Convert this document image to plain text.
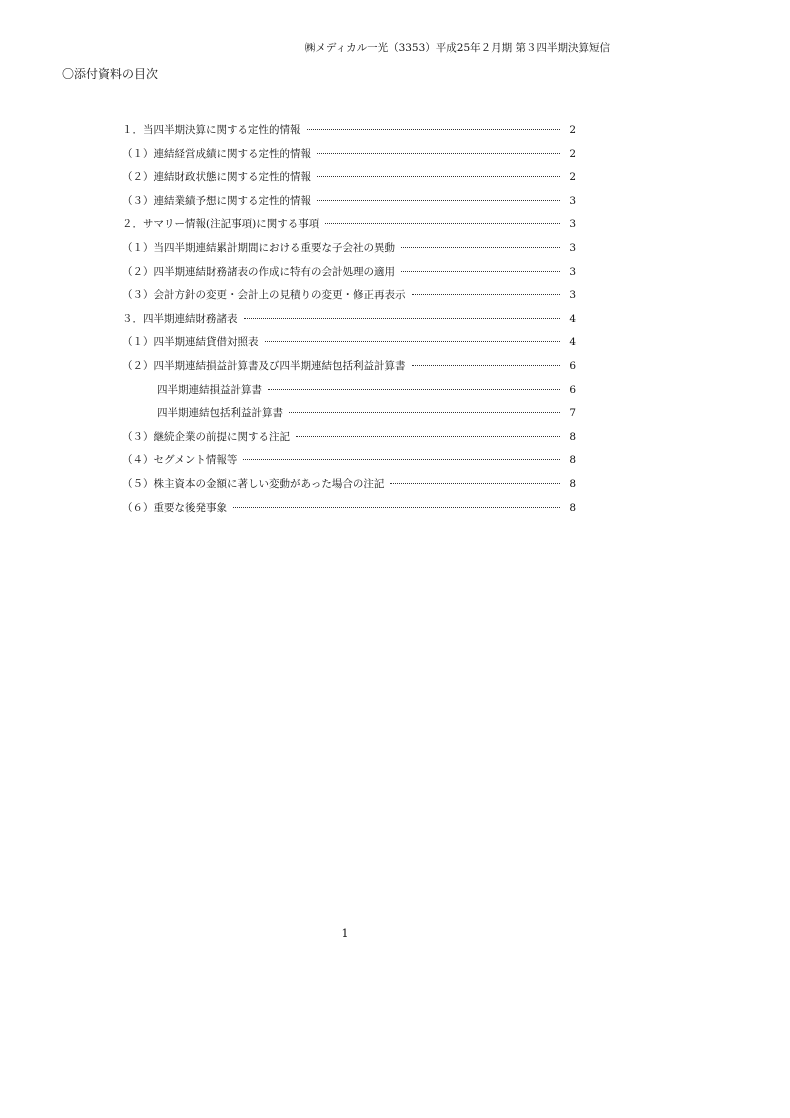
㈱メディカル一光（3353）平成25年２月期 第３四半期決算短信
〇添付資料の目次
１．当四半期決算に関する定性的情報	2
（１）連結経営成績に関する定性的情報	2
（２）連結財政状態に関する定性的情報	2
（３）連結業績予想に関する定性的情報	3
２．サマリー情報(注記事項)に関する事項	3
（１）当四半期連結累計期間における重要な子会社の異動	3
（２）四半期連結財務諸表の作成に特有の会計処理の適用	3
（３）会計方針の変更・会計上の見積りの変更・修正再表示	3
３．四半期連結財務諸表	4
（１）四半期連結貸借対照表	4
（２）四半期連結損益計算書及び四半期連結包括利益計算書	6
四半期連結損益計算書	6
四半期連結包括利益計算書	7
（３）継続企業の前提に関する注記	8
（４）セグメント情報等	8
（５）株主資本の金額に著しい変動があった場合の注記	8
（６）重要な後発事象	8
1
